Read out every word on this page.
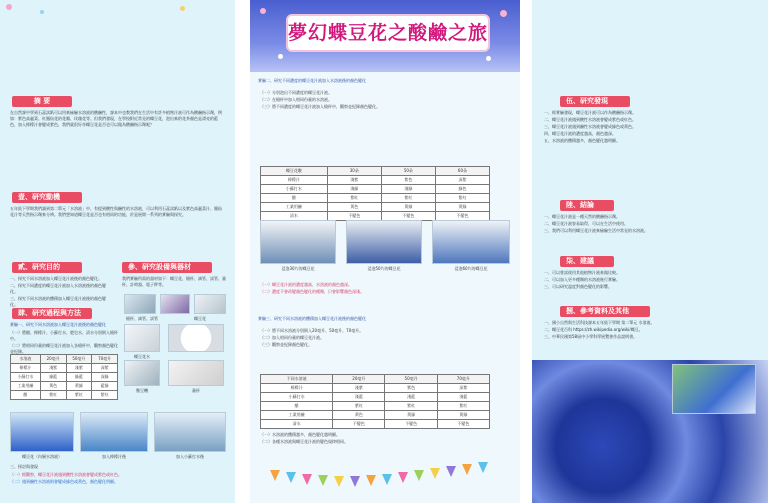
摘 要
在自然課中學到石蕊試紙可以用來檢驗水溶液的酸鹼性，課本中也教我們在生活中有許多植物汁液可作為酸鹼指示劑，例如：紫色高麗菜、紅鳳仙花的花瓣、玫瑰花等。但我們發現，在學校附近常見的蝶豆花，泡出來的花茶顏色是漂亮的藍色，加入檸檬汁會變成紫色，我們就很好奇蝶豆花是否也可以做為酸鹼指示劑呢？
壹、研究動機
五年級下學期我們讀到第二單元「水溶液」中，有提到酸性與鹼性的水溶液，可以利用石蕊試紙以及紫色高麗菜汁、鳳仙花汁等天然指示劑來分辨。我們想知道蝶豆花是否也有相同的功能，於是展開一系列的實驗與探究。
貳、研究目的

一、探究不同水溶液加入蝶豆花汁液後的顏色變化。

二、探究不同濃度的蝶豆花汁液加入水溶液後的顏色變化。

三、探究不同水溶液的體積加入蝶豆花汁液後的顏色變化。

參、研究設備與器材
我們實驗所需的器材如下：蝶豆花、燒杯、滴管、試管、量杯、計時器、電子秤等。
燒杯、滴管、試管	蝶豆花
蝶豆花水
壓豆機	量杯
肆、研究過程與方法
實驗一、研究不同水溶液加入蝶豆花汁液後的顏色變化

（一）將醋、檸檬汁、小蘇打水、肥皂水、清水分別倒入燒杯中。

（二）將相同份量的蝶豆花汁液加入各燒杯中，觀察顏色變化並紀錄。

水溶液	20毫升	50毫升	70毫升
檸檬汁	淺紫	淺紫	深紫
小蘇打水	綠藍	綠藍	深綠
工業用鹼	黃色	黃綠	藍綠
醋	紫紅	紫紅	紫紅
蝶豆花（內層水溶液）	加入檸檬汁後	加入小蘇打水後
三、探討與發現

（一）經觀察，蝶豆花汁液遇到酸性水溶液會變成紫色或紅色。

（二）遇到鹼性水溶液則會變成綠色或黃色，顏色變化明顯。

實驗二、研究不同濃度的蝶豆花汁液加入水溶液後的顏色變化

（一）分別泡出不同濃度的蝶豆花汁液。

（二）在燒杯中加入相同份量的水溶液。

（三）將不同濃度的蝶豆花汁液加入燒杯中，觀察並紀錄顏色變化。

蝶豆花數	30朵	50朵	60朵
檸檬汁	淺紫	紫色	深紫
小蘇打水	淺綠	淺綠	綠色
醋	紫紅	紫紅	紫紅
工業用鹼	黃色	黃綠	黃綠
清水	不變色	不變色	不變色
浸泡30片的蝶豆花	浸泡50片的蝶豆花	浸泡60片的蝶豆花

（一）蝶豆花汁液的濃度越高，水溶液的顏色越深。

（二）濃度不會改變顏色變化的種類，只會影響顏色深淺。

實驗三、研究不同水溶液的體積加入蝶豆花汁液後的顏色變化

（一）將不同水溶液分別倒入20毫升、50毫升、70毫升。

（二）加入相同份量的蝶豆花汁液。

（三）觀察並紀錄顏色變化。

不同水溶液	20毫升	50毫升	70毫升
檸檬汁	淺紫	紫色	深紫
小蘇打水	淺藍	淺藍	淺藍
醋	紫紅	紫紅	紫紅
工業用鹼	黃色	黃綠	黃綠
清水	不變色	不變色	不變色

（一）水溶液的體積越多，顏色變化越明顯。

（二）各種水溶液與蝶豆花汁液的變色規律相同。

夢幻蝶豆花之酸鹼之旅
伍、研究發現

一、經實驗發現，蝶豆花汁液可以作為酸鹼指示劑。

二、蝶豆花汁液遇到酸性水溶液會變成紫色或紅色。

三、蝶豆花汁液遇到鹼性水溶液會變成綠色或黃色。

四、蝶豆花汁液的濃度越高，顏色越深。

五、水溶液的體積越多，顏色變化越明顯。

陸、結論

一、蝶豆花汁液是一種天然的酸鹼指示劑。

二、蝶豆花汁液容易取得，可以在生活中使用。

三、我們可以利用蝶豆花汁液來檢驗生活中常見的水溶液。

柒、建議

一、可以嘗試使用其他植物汁液來做比較。

二、可以加入更多種類的水溶液進行實驗。

三、可以研究溫度對顏色變化的影響。

捌、參考資料及其他

一、國小自然與生活科技課本五年級下學期 第二單元 水溶液。

二、蝶豆花百科 https://zh.wikipedia.org/wiki/蝶豆。

三、中華民國第58屆中小學科學展覽會作品說明書。
